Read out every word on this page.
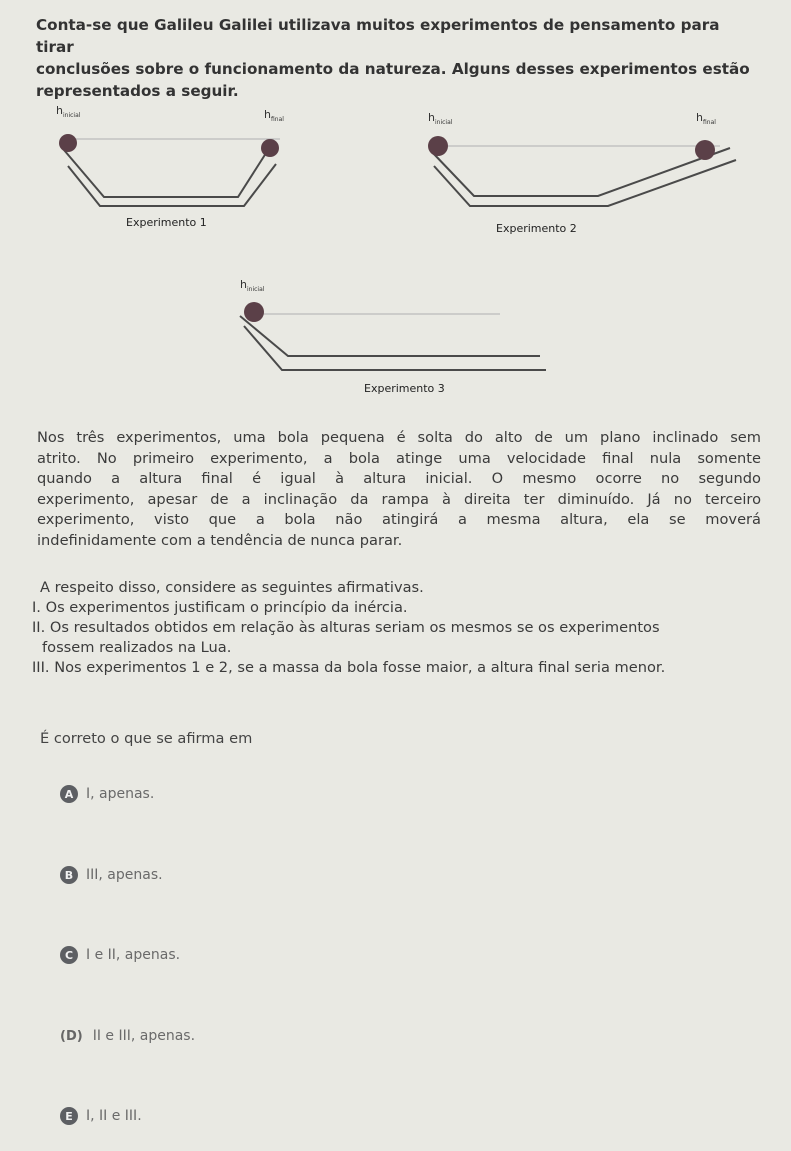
Conta-se que Galileu Galilei utilizava muitos experimentos de pensamento para tirar
conclusões sobre o funcionamento da natureza. Alguns desses experimentos estão
representados a seguir.
$h_{inicial}$	$h_{final}$
Experimento 1
$h_{inicial}$	$h_{final}$
Experimento 2
$h_{inicial}$
Experimento 3
Nos três experimentos, uma bola pequena é solta do alto de um plano inclinado sem
atrito. No primeiro experimento, a bola atinge uma velocidade final nula somente
quando a altura final é igual à altura inicial. O mesmo ocorre no segundo
experimento, apesar de a inclinação da rampa à direita ter diminuído. Já no terceiro
experimento, visto que a bola não atingirá a mesma altura, ela se moverá
indefinidamente com a tendência de nunca parar.
A respeito disso, considere as seguintes afirmativas.
I. Os experimentos justificam o princípio da inércia.
II. Os resultados obtidos em relação às alturas seriam os mesmos se os experimentos
fossem realizados na Lua.
III. Nos experimentos 1 e 2, se a massa da bola fosse maior, a altura final seria menor.
É correto o que se afirma em
A I, apenas.
B III, apenas.
C I e II, apenas.
(D) II e III, apenas.
E I, II e III.
